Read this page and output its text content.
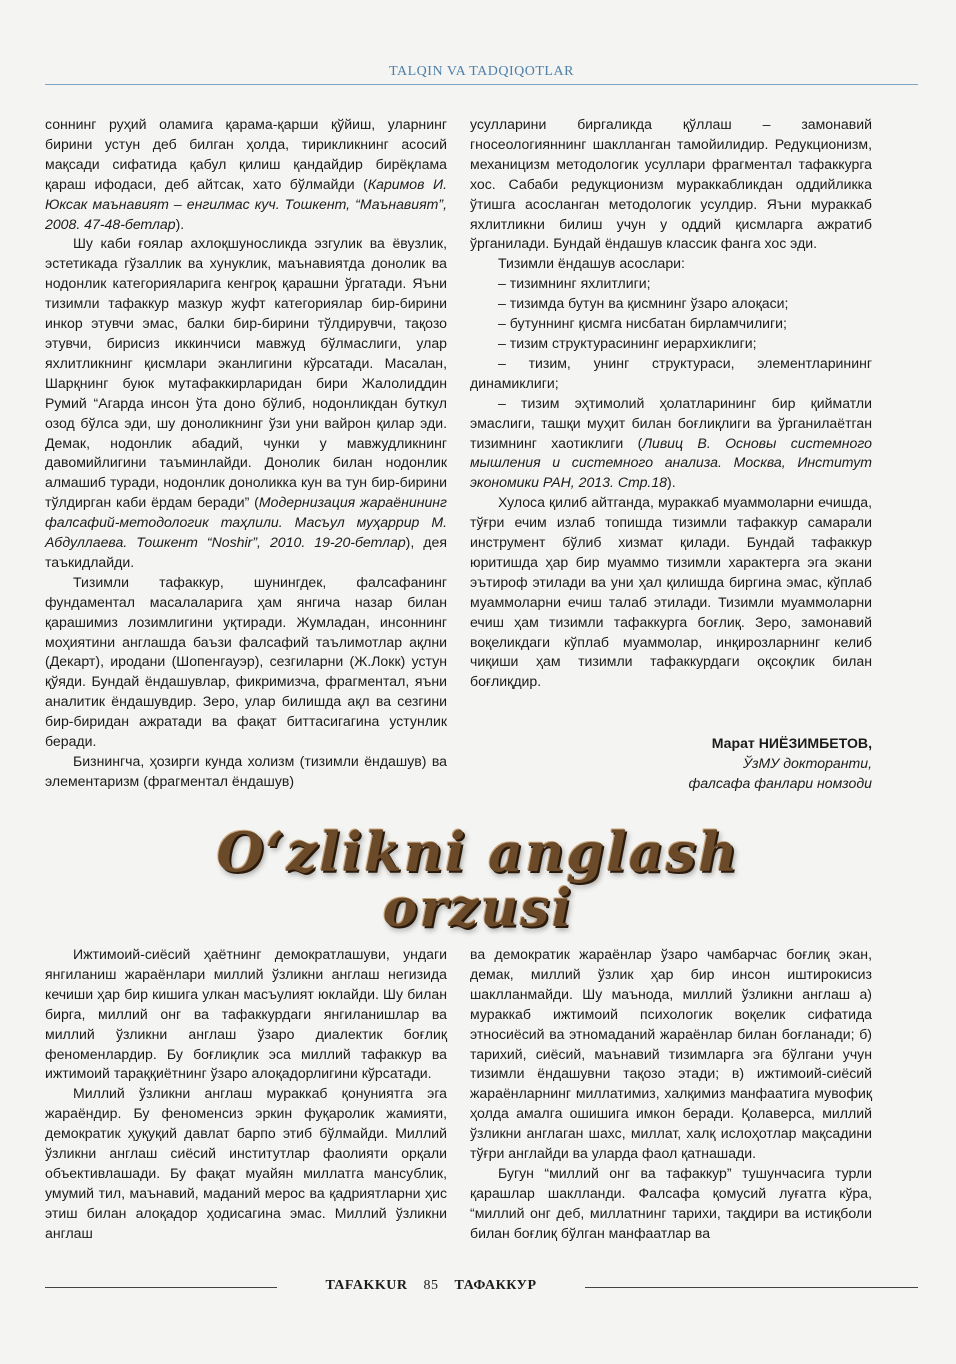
TALQIN VA TADQIQOTLAR

соннинг руҳий оламига қарама-қарши қўйиш, уларнинг бирини устун деб билган ҳолда, тирикликнинг асосий мақсади сифатида қабул қилиш қандайдир бирёқлама қараш ифодаси, деб айтсак, хато бўлмайди (Каримов И. Юксак маънавият – енгилмас куч. Тошкент, “Маънавият”, 2008. 47-48-бетлар).

Шу каби ғоялар ахлоқшуносликда эзгулик ва ёвузлик, эстетикада гўзаллик ва хунуклик, маънавиятда донолик ва нодонлик категорияларига кенгроқ қарашни ўргатади. Яъни тизимли тафаккур мазкур жуфт категориялар бир-бирини инкор этувчи эмас, балки бир-бирини тўлдирувчи, тақозо этувчи, бирисиз иккинчиси мавжуд бўлмаслиги, улар яхлитликнинг қисмлари эканлигини кўрсатади. Масалан, Шарқнинг буюк мутафаккирларидан бири Жалолиддин Румий “Агарда инсон ўта доно бўлиб, нодонликдан буткул озод бўлса эди, шу доноликнинг ўзи уни вайрон қилар эди. Демак, нодонлик абадий, чунки у мавжудликнинг давомийлигини таъминлайди. Донолик билан нодонлик алмашиб туради, нодонлик доноликка кун ва тун бир-бирини тўлдирган каби ёрдам беради” (Модернизация жараёнининг фалсафий-методологик таҳлили. Масъул муҳаррир М. Абдуллаева. Тошкент “Noshir”, 2010. 19-20-бетлар), дея таъкидлайди.

Тизимли тафаккур, шунингдек, фалсафанинг фундаментал масалаларига ҳам янгича назар билан қарашимиз лозимлигини уқтиради. Жумладан, инсоннинг моҳиятини англашда баъзи фалсафий таълимотлар ақлни (Декарт), иродани (Шопенгауэр), сезгиларни (Ж.Локк) устун қўяди. Бундай ёндашувлар, фикримизча, фрагментал, яъни аналитик ёндашувдир. Зеро, улар билишда ақл ва сезгини бир-биридан ажратади ва фақат биттасигагина устунлик беради.

Бизнингча, ҳозирги кунда холизм (тизимли ёндашув) ва элементаризм (фрагментал ёндашув)

усулларини биргаликда қўллаш – замонавий гносеологияннинг шаклланган тамойилидир. Редукционизм, механицизм методологик усуллари фрагментал тафаккурга хос. Сабаби редукционизм мураккабликдан оддийликка ўтишга асосланган методологик усулдир. Яъни мураккаб яхлитликни билиш учун у оддий қисмларга ажратиб ўрганилади. Бундай ёндашув классик фанга хос эди.

Тизимли ёндашув асослари:

– тизимнинг яхлитлиги;

– тизимда бутун ва қисмнинг ўзаро алоқаси;

– бутуннинг қисмга нисбатан бирламчилиги;

– тизим структурасининг иерархиклиги;

– тизим, унинг структураси, элементларининг динамиклиги;

– тизим эҳтимолий ҳолатларининг бир қийматли эмаслиги, ташқи муҳит билан боғлиқлиги ва ўрганилаётган тизимнинг хаотиклиги (Ливиц В. Основы системного мышления и системного анализа. Москва, Институт экономики РАН, 2013. Стр.18).

Хулоса қилиб айтганда, мураккаб муаммоларни ечишда, тўғри ечим излаб топишда тизимли тафаккур самарали инструмент бўлиб хизмат қилади. Бундай тафаккур юритишда ҳар бир муаммо тизимли характерга эга экани эътироф этилади ва уни ҳал қилишда биргина эмас, кўплаб муаммоларни ечиш талаб этилади. Тизимли муаммоларни ечиш ҳам тизимли тафаккурга боғлиқ. Зеро, замонавий воқеликдаги кўплаб муаммолар, инқирозларнинг келиб чиқиши ҳам тизимли тафаккурдаги оқсоқлик билан боғлиқдир.

Марат НИЁЗИМБЕТОВ,
ЎзМУ докторанти,
фалсафа фанлари номзоди
O‘zlikni anglash
orzusi

Ижтимоий-сиёсий ҳаётнинг демократлашуви, ундаги янгиланиш жараёнлари миллий ўзликни англаш негизида кечиши ҳар бир кишига улкан масъулият юклайди. Шу билан бирга, миллий онг ва тафаккурдаги янгиланишлар ва миллий ўзликни англаш ўзаро диалектик боғлиқ феноменлардир. Бу боғлиқлик эса миллий тафаккур ва ижтимоий тараққиётнинг ўзаро алоқадорлигини кўрсатади.

Миллий ўзликни англаш мураккаб қонуниятга эга жараёндир. Бу феноменсиз эркин фуқаролик жамияти, демократик ҳуқуқий давлат барпо этиб бўлмайди. Миллий ўзликни англаш сиёсий институтлар фаолияти орқали объективлашади. Бу фақат муайян миллатга мансублик, умумий тил, маънавий, маданий мерос ва қадриятларни ҳис этиш билан алоқадор ҳодисагина эмас. Миллий ўзликни англаш

ва демократик жараёнлар ўзаро чамбарчас боғлиқ экан, демак, миллий ўзлик ҳар бир инсон иштирокисиз шаклланмайди. Шу маънода, миллий ўзликни англаш а) мураккаб ижтимоий психологик воқелик сифатида этносиёсий ва этномаданий жараёнлар билан боғланади; б) тарихий, сиёсий, маънавий тизимларга эга бўлгани учун тизимли ёндашувни тақозо этади; в) ижтимоий-сиёсий жараёнларнинг миллатимиз, халқимиз манфаатига мувофиқ ҳолда амалга ошишига имкон беради. Қолаверса, миллий ўзликни англаган шахс, миллат, халқ ислоҳотлар мақсадини тўғри англайди ва уларда фаол қатнашади.

Бугун “миллий онг ва тафаккур” тушунчасига турли қарашлар шаклланди. Фалсафа қомусий луғатга кўра, “миллий онг деб, миллатнинг тарихи, тақдири ва истиқболи билан боғлиқ бўлган манфаатлар ва

TAFAKKUR 85 ТАФАККУР
